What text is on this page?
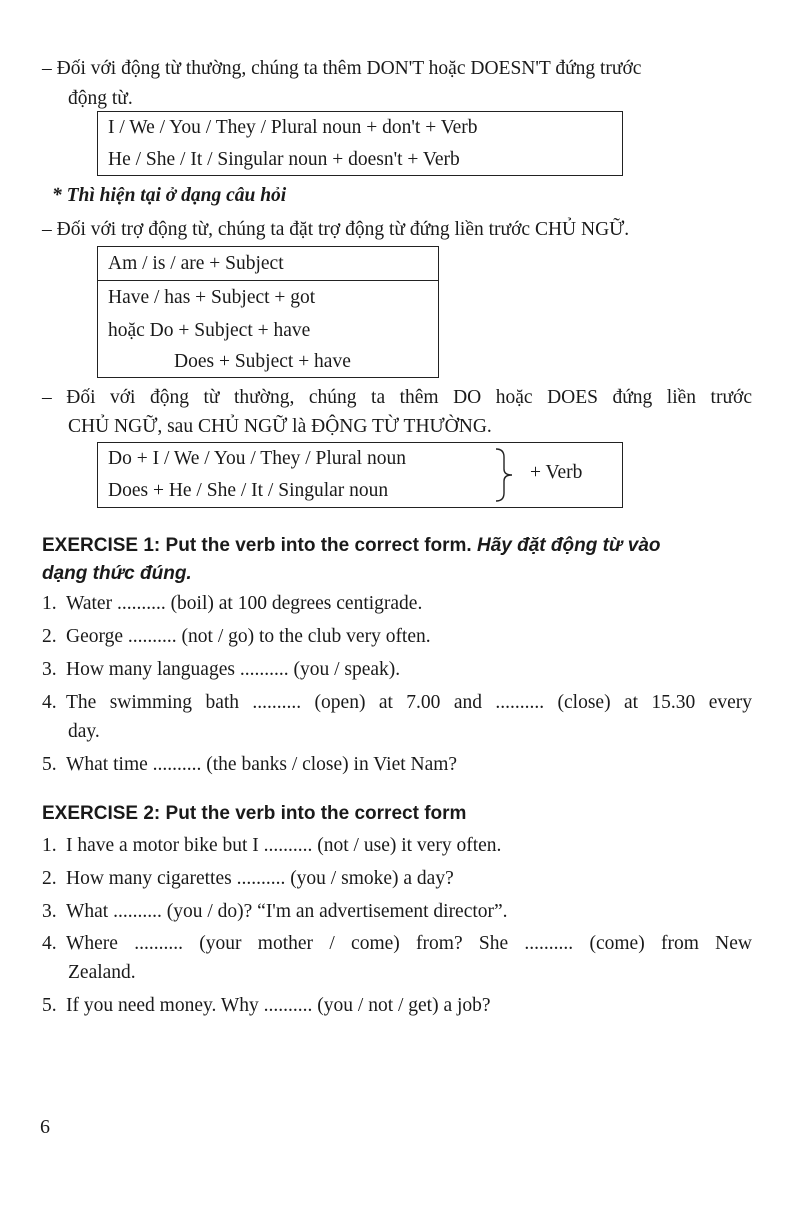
– Đối với động từ thường, chúng ta thêm DON'T hoặc DOESN'T đứng trước
động từ.
I / We / You / They / Plural noun + don't + Verb
He / She / It / Singular noun + doesn't + Verb
* Thì hiện tại ở dạng câu hỏi
– Đối với trợ động từ, chúng ta đặt trợ động từ đứng liền trước CHỦ NGỮ.
Am / is / are + Subject
Have / has + Subject + got
hoặc Do + Subject + have
Does + Subject + have
– Đối với động từ thường, chúng ta thêm DO hoặc DOES đứng liền trước
CHỦ NGỮ, sau CHỦ NGỮ là ĐỘNG TỪ THƯỜNG.
Do + I / We / You / They / Plural noun
Does + He / She / It / Singular noun
+ Verb
EXERCISE 1: Put the verb into the correct form. Hãy đặt động từ vào
dạng thức đúng.
1. Water .......... (boil) at 100 degrees centigrade.
2. George .......... (not / go) to the club very often.
3. How many languages .......... (you / speak).
4. The swimming bath .......... (open) at 7.00 and .......... (close) at 15.30 every
day.
5. What time .......... (the banks / close) in Viet Nam?
EXERCISE 2: Put the verb into the correct form
1. I have a motor bike but I .......... (not / use) it very often.
2. How many cigarettes .......... (you / smoke) a day?
3. What .......... (you / do)? “I'm an advertisement director”.
4. Where .......... (your mother / come) from? She .......... (come) from New
Zealand.
5. If you need money. Why .......... (you / not / get) a job?
6
